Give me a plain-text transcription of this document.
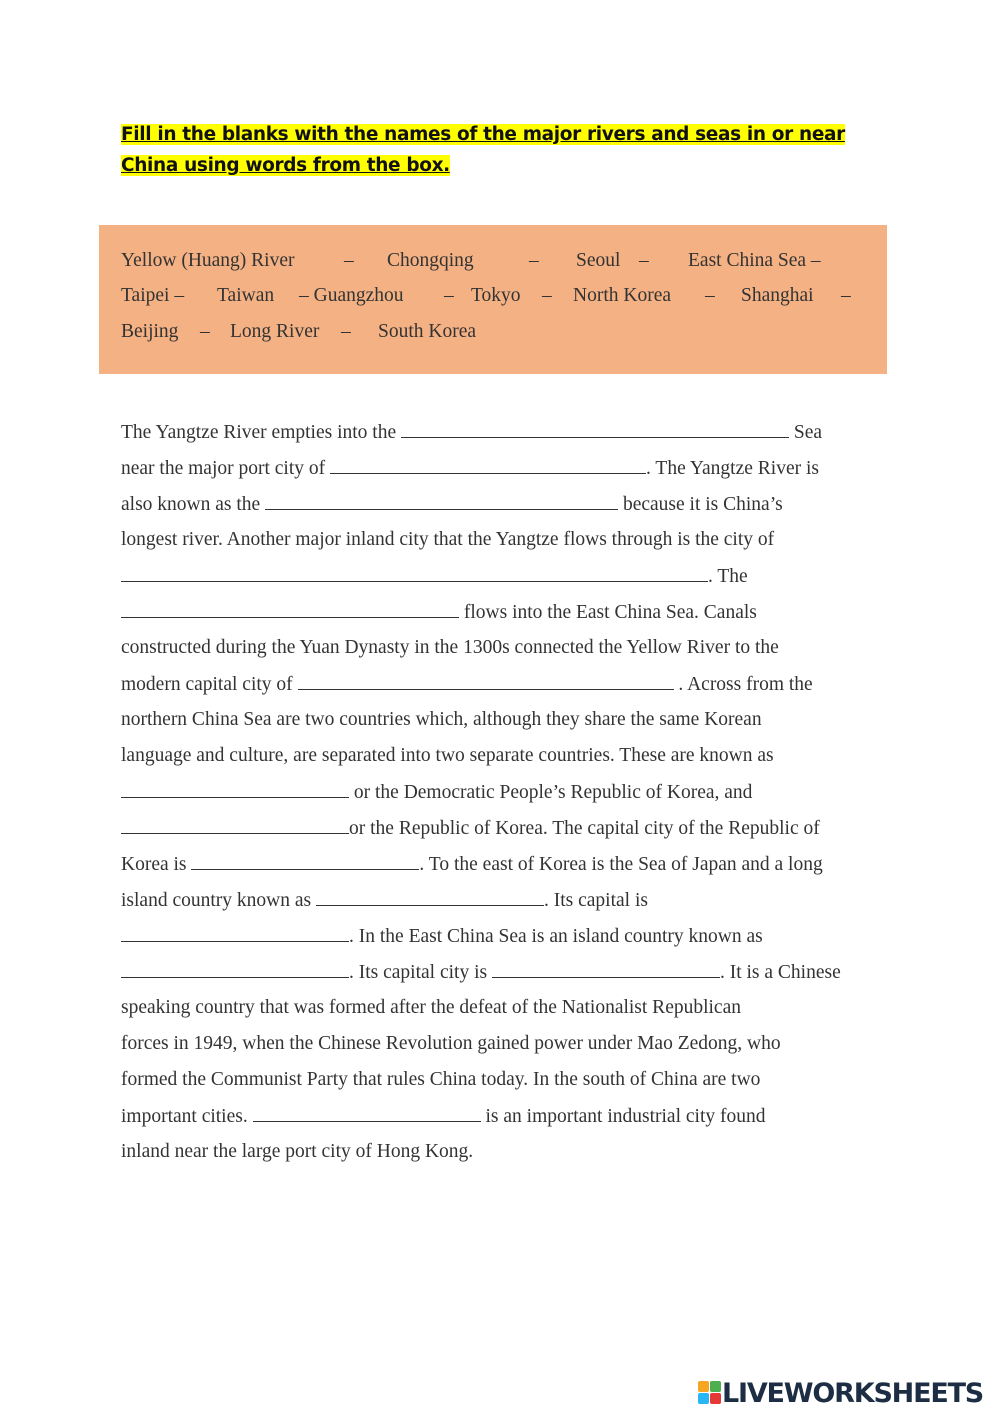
Fill in the blanks with the names of the major rivers and seas in or near China using words from the box.
Yellow (Huang) River	– Chongqing	– Seoul – East China Sea –
Taipei – Taiwan – Guangzhou – Tokyo – North Korea – Shanghai –
Beijing – Long River – South Korea
The Yangtze River empties into the	Sea
near the major port city of	. The Yangtze River is
also known as the	because it is China’s
longest river. Another major inland city that the Yangtze flows through is the city of
. The
flows into the East China Sea. Canals
constructed during the Yuan Dynasty in the 1300s connected the Yellow River to the
modern capital city of	. Across from the
northern China Sea are two countries which, although they share the same Korean
language and culture, are separated into two separate countries. These are known as
or the Democratic People’s Republic of Korea, and
or the Republic of Korea. The capital city of the Republic of
Korea is	. To the east of Korea is the Sea of Japan and a long
island country known as	. Its capital is
. In the East China Sea is an island country known as
. Its capital city is	. It is a Chinese
speaking country that was formed after the defeat of the Nationalist Republican
forces in 1949, when the Chinese Revolution gained power under Mao Zedong, who
formed the Communist Party that rules China today. In the south of China are two
important cities.	is an important industrial city found
inland near the large port city of Hong Kong.
LIVEWORKSHEETS
